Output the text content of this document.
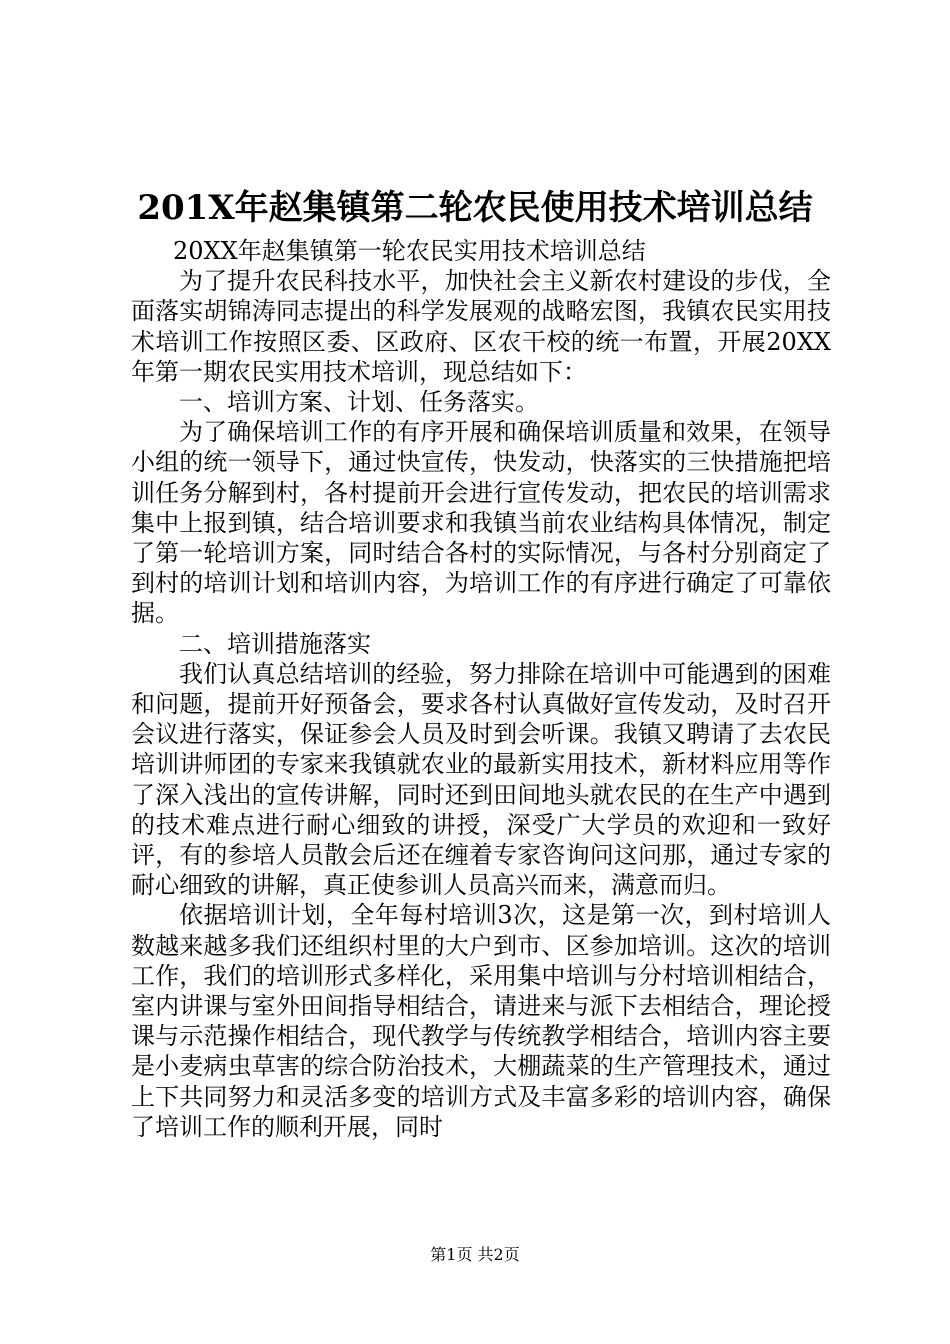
201X年赵集镇第二轮农民使用技术培训总结

20XX年赵集镇第一轮农民实用技术培训总结

为了提升农民科技水平，加快社会主义新农村建设的步伐，全面落实胡锦涛同志提出的科学发展观的战略宏图，我镇农民实用技术培训工作按照区委、区政府、区农干校的统一布置，开展20XX年第一期农民实用技术培训，现总结如下：

一、培训方案、计划、任务落实。

为了确保培训工作的有序开展和确保培训质量和效果，在领导小组的统一领导下，通过快宣传，快发动，快落实的三快措施把培训任务分解到村，各村提前开会进行宣传发动，把农民的培训需求集中上报到镇，结合培训要求和我镇当前农业结构具体情况，制定了第一轮培训方案，同时结合各村的实际情况，与各村分别商定了到村的培训计划和培训内容，为培训工作的有序进行确定了可靠依据。

二、培训措施落实

我们认真总结培训的经验，努力排除在培训中可能遇到的困难和问题，提前开好预备会，要求各村认真做好宣传发动，及时召开会议进行落实，保证参会人员及时到会听课。我镇又聘请了去农民培训讲师团的专家来我镇就农业的最新实用技术，新材料应用等作了深入浅出的宣传讲解，同时还到田间地头就农民的在生产中遇到的技术难点进行耐心细致的讲授，深受广大学员的欢迎和一致好评，有的参培人员散会后还在缠着专家咨询问这问那，通过专家的耐心细致的讲解，真正使参训人员高兴而来，满意而归。

依据培训计划，全年每村培训3次，这是第一次，到村培训人数越来越多我们还组织村里的大户到市、区参加培训。这次的培训工作，我们的培训形式多样化，采用集中培训与分村培训相结合，室内讲课与室外田间指导相结合，请进来与派下去相结合，理论授课与示范操作相结合，现代教学与传统教学相结合，培训内容主要是小麦病虫草害的综合防治技术，大棚蔬菜的生产管理技术，通过上下共同努力和灵活多变的培训方式及丰富多彩的培训内容，确保了培训工作的顺利开展，同时

第1页 共2页
